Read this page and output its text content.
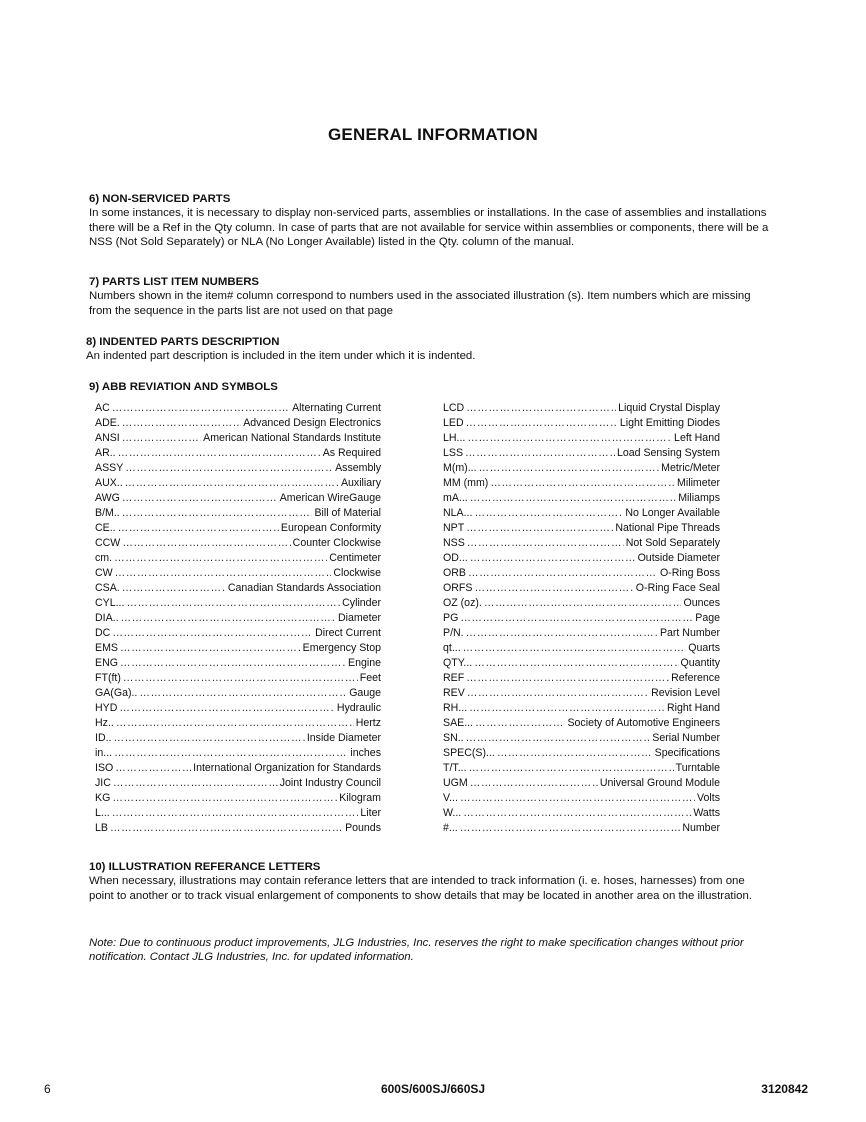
GENERAL INFORMATION
6) NON-SERVICED PARTS

In some instances, it is necessary to display non-serviced parts, assemblies or installations. In the case of assemblies and installations there will be a Ref in the Qty column. In case of parts that are not available for service within assemblies or components, there will be a NSS (Not Sold Separately) or NLA (No Longer Available) listed in the Qty. column of the manual.

7) PARTS LIST ITEM NUMBERS

Numbers shown in the item# column correspond to numbers used in the associated illustration (s). Item numbers which are missing from the sequence in the parts list are not used on that page

8) INDENTED PARTS DESCRIPTION

An indented part description is included in the item under which it is indented.

9) ABB REVIATION AND SYMBOLS
AC ………………………………………………………………………………………………………………………	Alternating Current
ADE. ………………………………………………………………………………………………………………………	Advanced Design Electronics
ANSI ………………………………………………………………………………………………………………………	American National Standards Institute
AR.. ………………………………………………………………………………………………………………………	As Required
ASSY ………………………………………………………………………………………………………………………	Assembly
AUX.. ………………………………………………………………………………………………………………………	Auxiliary
AWG ………………………………………………………………………………………………………………………	American WireGauge
B/M.. ………………………………………………………………………………………………………………………	Bill of Material
CE.. ………………………………………………………………………………………………………………………	European Conformity
CCW ………………………………………………………………………………………………………………………	Counter Clockwise
cm. ………………………………………………………………………………………………………………………	Centimeter
CW ………………………………………………………………………………………………………………………	Clockwise
CSA. ………………………………………………………………………………………………………………………	Canadian Standards Association
CYL... ………………………………………………………………………………………………………………………	Cylinder
DIA.. ………………………………………………………………………………………………………………………	Diameter
DC ………………………………………………………………………………………………………………………	Direct Current
EMS ………………………………………………………………………………………………………………………	Emergency Stop
ENG ………………………………………………………………………………………………………………………	Engine
FT(ft) ………………………………………………………………………………………………………………………	Feet
GA(Ga).. ………………………………………………………………………………………………………………………	Gauge
HYD ………………………………………………………………………………………………………………………	Hydraulic
Hz.. ………………………………………………………………………………………………………………………	Hertz
ID.. ………………………………………………………………………………………………………………………	Inside Diameter
in... ………………………………………………………………………………………………………………………	inches
ISO ………………………………………………………………………………………………………………………	International Organization for Standards
JIC ………………………………………………………………………………………………………………………	Joint Industry Council
KG ………………………………………………………………………………………………………………………	Kilogram
L... ………………………………………………………………………………………………………………………	Liter
LB ………………………………………………………………………………………………………………………	Pounds
LCD ………………………………………………………………………………………………………………………	Liquid Crystal Display
LED ………………………………………………………………………………………………………………………	Light Emitting Diodes
LH... ………………………………………………………………………………………………………………………	Left Hand
LSS ………………………………………………………………………………………………………………………	Load Sensing System
M(m)... ………………………………………………………………………………………………………………………	Metric/Meter
MM (mm) ………………………………………………………………………………………………………………………	Milimeter
mA... ………………………………………………………………………………………………………………………	Miliamps
NLA... ………………………………………………………………………………………………………………………	No Longer Available
NPT ………………………………………………………………………………………………………………………	National Pipe Threads
NSS ………………………………………………………………………………………………………………………	Not Sold Separately
OD... ………………………………………………………………………………………………………………………	Outside Diameter
ORB ………………………………………………………………………………………………………………………	O-Ring Boss
ORFS ………………………………………………………………………………………………………………………	O-Ring Face Seal
OZ (oz). ………………………………………………………………………………………………………………………	Ounces
PG ………………………………………………………………………………………………………………………	Page
P/N. ………………………………………………………………………………………………………………………	Part Number
qt... ………………………………………………………………………………………………………………………	Quarts
QTY... ………………………………………………………………………………………………………………………	Quantity
REF ………………………………………………………………………………………………………………………	Reference
REV ………………………………………………………………………………………………………………………	Revision Level
RH... ………………………………………………………………………………………………………………………	Right Hand
SAE... ………………………………………………………………………………………………………………………	Society of Automotive Engineers
SN.. ………………………………………………………………………………………………………………………	Serial Number
SPEC(S)... ………………………………………………………………………………………………………………………	Specifications
T/T... ………………………………………………………………………………………………………………………	Turntable
UGM ………………………………………………………………………………………………………………………	Universal Ground Module
V... ………………………………………………………………………………………………………………………	Volts
W... ………………………………………………………………………………………………………………………	Watts
#... ………………………………………………………………………………………………………………………	Number
10) ILLUSTRATION REFERANCE LETTERS

When necessary, illustrations may contain referance letters that are intended to track information (i. e. hoses, harnesses) from one point to another or to track visual enlargement of components to show details that may be located in another area on the illustration.

Note: Due to continuous product improvements, JLG Industries, Inc. reserves the right to make specification changes without prior notification. Contact JLG Industries, Inc. for updated information.
6	600S/600SJ/660SJ	3120842
